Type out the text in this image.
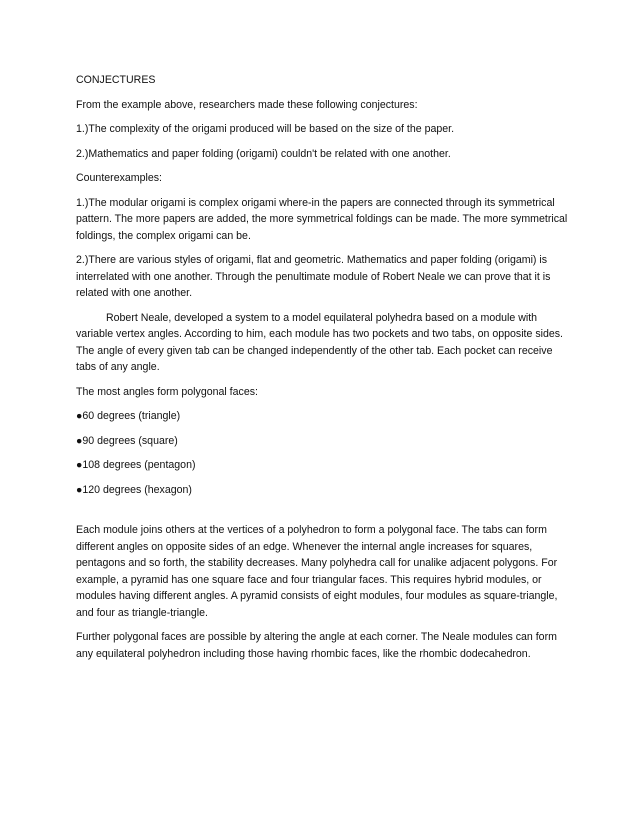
CONJECTURES

From the example above, researchers made these following conjectures:

1.)The complexity of the origami produced will be based on the size of the paper.

2.)Mathematics and paper folding (origami) couldn't be related with one another.

Counterexamples:

1.)The modular origami is complex origami where-in the papers are connected through its symmetrical pattern. The more papers are added, the more symmetrical foldings can be made. The more symmetrical foldings, the complex origami can be.

2.)There are various styles of origami, flat and geometric. Mathematics and paper folding (origami) is interrelated with one another. Through the penultimate module of Robert Neale we can prove that it is related with one another.

Robert Neale, developed a system to a model equilateral polyhedra based on a module with variable vertex angles. According to him, each module has two pockets and two tabs, on opposite sides. The angle of every given tab can be changed independently of the other tab. Each pocket can receive tabs of any angle.

The most angles form polygonal faces:

●60 degrees (triangle)

●90 degrees (square)

●108 degrees (pentagon)

●120 degrees (hexagon)

Each module joins others at the vertices of a polyhedron to form a polygonal face. The tabs can form different angles on opposite sides of an edge. Whenever the internal angle increases for squares, pentagons and so forth, the stability decreases. Many polyhedra call for unalike adjacent polygons. For example, a pyramid has one square face and four triangular faces. This requires hybrid modules, or modules having different angles. A pyramid consists of eight modules, four modules as square-triangle, and four as triangle-triangle.

Further polygonal faces are possible by altering the angle at each corner. The Neale modules can form any equilateral polyhedron including those having rhombic faces, like the rhombic dodecahedron.
